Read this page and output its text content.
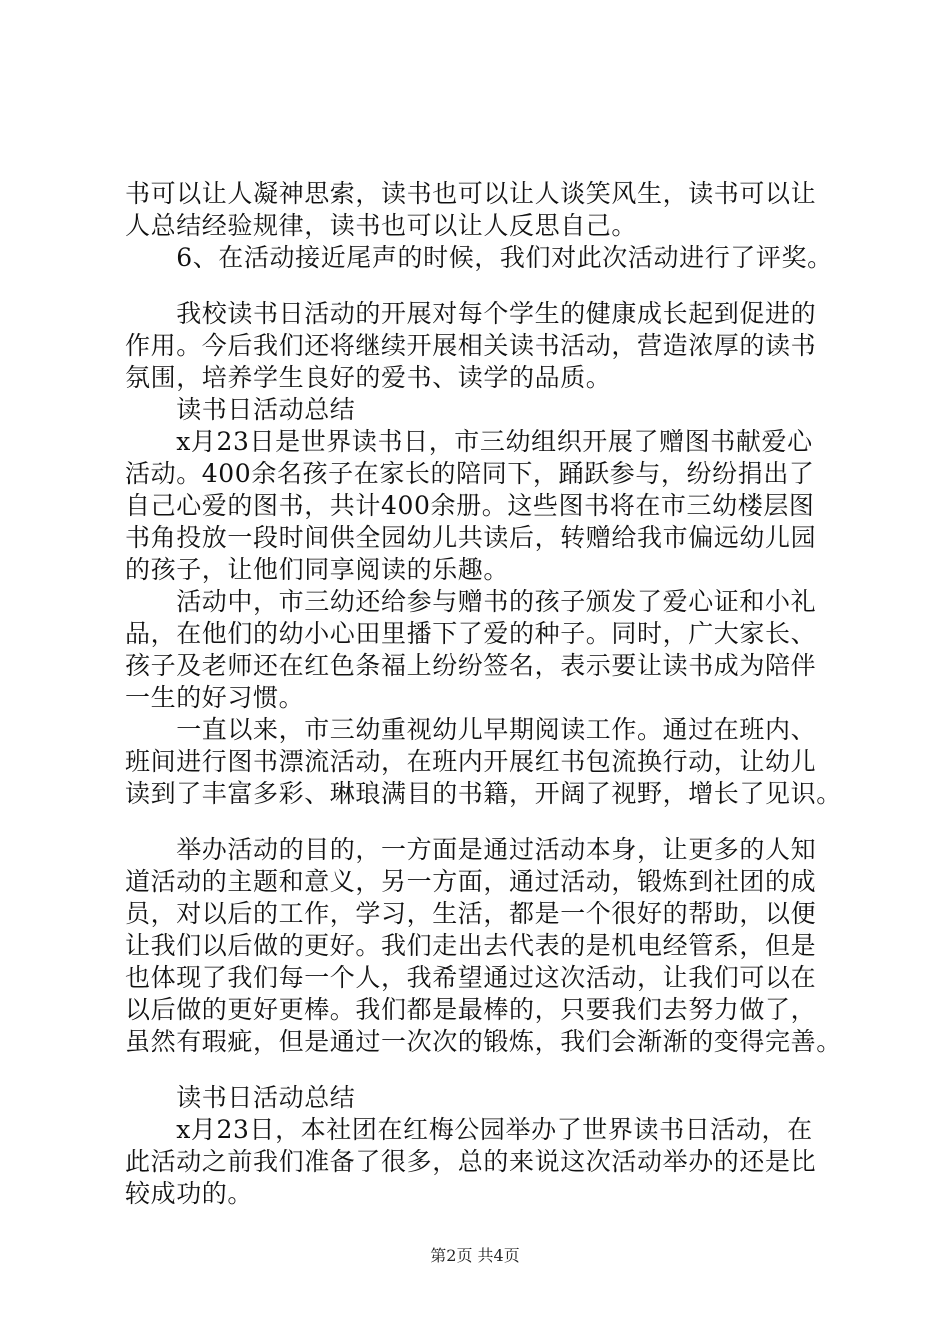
书可以让人凝神思索，读书也可以让人谈笑风生，读书可以让
人总结经验规律，读书也可以让人反思自己。
　　6、在活动接近尾声的时候，我们对此次活动进行了评奖。
　　我校读书日活动的开展对每个学生的健康成长起到促进的
作用。今后我们还将继续开展相关读书活动，营造浓厚的读书
氛围，培养学生良好的爱书、读学的品质。
　　读书日活动总结
　　x月23日是世界读书日，市三幼组织开展了赠图书献爱心
活动。400余名孩子在家长的陪同下，踊跃参与，纷纷捐出了
自己心爱的图书，共计400余册。这些图书将在市三幼楼层图
书角投放一段时间供全园幼儿共读后，转赠给我市偏远幼儿园
的孩子，让他们同享阅读的乐趣。
　　活动中，市三幼还给参与赠书的孩子颁发了爱心证和小礼
品，在他们的幼小心田里播下了爱的种子。同时，广大家长、
孩子及老师还在红色条福上纷纷签名，表示要让读书成为陪伴
一生的好习惯。
　　一直以来，市三幼重视幼儿早期阅读工作。通过在班内、
班间进行图书漂流活动，在班内开展红书包流换行动，让幼儿
读到了丰富多彩、琳琅满目的书籍，开阔了视野，增长了见识。
　　举办活动的目的，一方面是通过活动本身，让更多的人知
道活动的主题和意义，另一方面，通过活动，锻炼到社团的成
员，对以后的工作，学习，生活，都是一个很好的帮助，以便
让我们以后做的更好。我们走出去代表的是机电经管系，但是
也体现了我们每一个人，我希望通过这次活动，让我们可以在
以后做的更好更棒。我们都是最棒的，只要我们去努力做了，
虽然有瑕疵，但是通过一次次的锻炼，我们会渐渐的变得完善。
　　读书日活动总结
　　x月23日，本社团在红梅公园举办了世界读书日活动，在
此活动之前我们准备了很多，总的来说这次活动举办的还是比
较成功的。
第2页 共4页
